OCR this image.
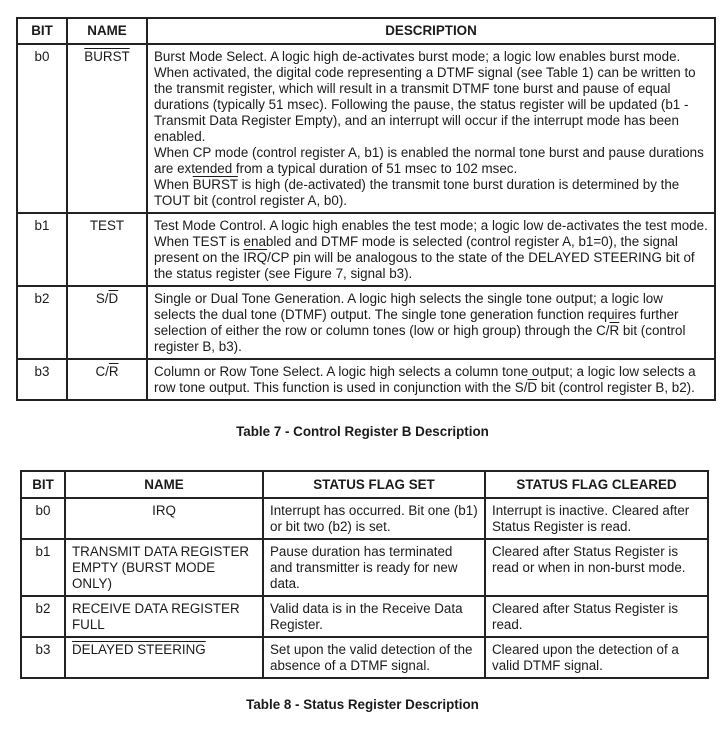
BIT	NAME	DESCRIPTION
b0	BURST	Burst Mode Select. A logic high de-activates burst mode; a logic low enables burst mode. When activated, the digital code representing a DTMF signal (see Table 1) can be written to the transmit register, which will result in a transmit DTMF tone burst and pause of equal durations (typically 51 msec). Following the pause, the status register will be updated (b1 - Transmit Data Register Empty), and an interrupt will occur if the interrupt mode has been enabled.
When CP mode (control register A, b1) is enabled the normal tone burst and pause durations are extended from a typical duration of 51 msec to 102 msec.
When BURST is high (de-activated) the transmit tone burst duration is determined by the TOUT bit (control register A, b0).

b1	TEST	Test Mode Control. A logic high enables the test mode; a logic low de-activates the test mode. When TEST is enabled and DTMF mode is selected (control register A, b1=0), the signal present on the $\overline{IRQ}/CP$ pin will be analogous to the state of the DELAYED STEERING bit of the status register (see Figure 7, signal b3).

b2	$S/\overline{D}$	Single or Dual Tone Generation. A logic high selects the single tone output; a logic low selects the dual tone (DTMF) output. The single tone generation function requires further selection of either the row or column tones (low or high group) through the $C/\overline{R}$ bit (control register B, b3).

b3	$C/\overline{R}$	Column or Row Tone Select. A logic high selects a column tone output; a logic low selects a row tone output. This function is used in conjunction with the $S/\overline{D}$ bit (control register B, b2).
Table 7 - Control Register B Description
BIT	NAME	STATUS FLAG SET	STATUS FLAG CLEARED
b0	IRQ	Interrupt has occurred. Bit one (b1) or bit two (b2) is set.	Interrupt is inactive. Cleared after Status Register is read.
b1	TRANSMIT DATA REGISTER EMPTY (BURST MODE ONLY)	Pause duration has terminated and transmitter is ready for new data.	Cleared after Status Register is read or when in non-burst mode.
b2	RECEIVE DATA REGISTER FULL	Valid data is in the Receive Data Register.	Cleared after Status Register is read.
b3	DELAYED STEERING	Set upon the valid detection of the absence of a DTMF signal.	Cleared upon the detection of a valid DTMF signal.
Table 8 - Status Register Description
